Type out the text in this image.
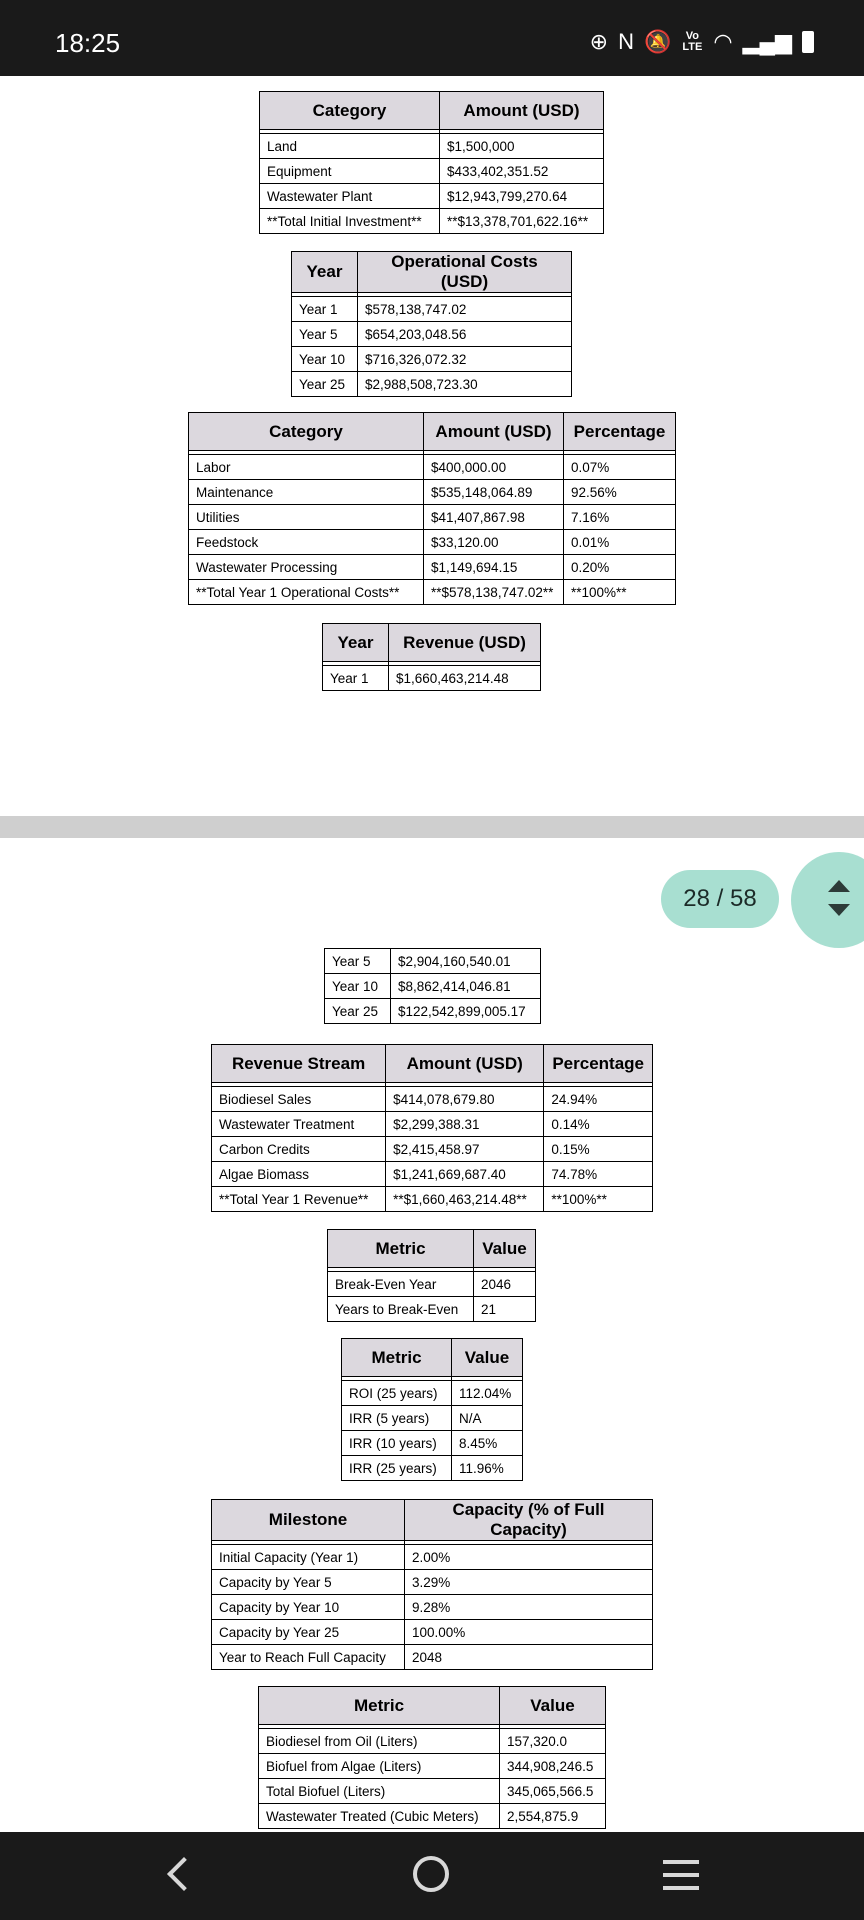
18:25	⊕ N 🔕	Vo LTE ◠ ▂▄▆
Category	Amount (USD)

Land	$1,500,000
Equipment	$433,402,351.52
Wastewater Plant	$12,943,799,270.64
**Total Initial Investment**	**$13,378,701,622.16**
Year	Operational Costs (USD)

Year 1	$578,138,747.02
Year 5	$654,203,048.56
Year 10	$716,326,072.32
Year 25	$2,988,508,723.30
Category	Amount (USD)	Percentage

Labor	$400,000.00	0.07%
Maintenance	$535,148,064.89	92.56%
Utilities	$41,407,867.98	7.16%
Feedstock	$33,120.00	0.01%
Wastewater Processing	$1,149,694.15	0.20%
**Total Year 1 Operational Costs**	**$578,138,747.02**	**100%**
Year	Revenue (USD)

Year 1	$1,660,463,214.48
Year 5	$2,904,160,540.01
Year 10	$8,862,414,046.81
Year 25	$122,542,899,005.17
Revenue Stream	Amount (USD)	Percentage

Biodiesel Sales	$414,078,679.80	24.94%
Wastewater Treatment	$2,299,388.31	0.14%
Carbon Credits	$2,415,458.97	0.15%
Algae Biomass	$1,241,669,687.40	74.78%
**Total Year 1 Revenue**	**$1,660,463,214.48**	**100%**
Metric	Value

Break-Even Year	2046
Years to Break-Even	21
Metric	Value

ROI (25 years)	112.04%
IRR (5 years)	N/A
IRR (10 years)	8.45%
IRR (25 years)	11.96%
Milestone	Capacity (% of Full Capacity)

Initial Capacity (Year 1)	2.00%
Capacity by Year 5	3.29%
Capacity by Year 10	9.28%
Capacity by Year 25	100.00%
Year to Reach Full Capacity	2048
Metric	Value

Biodiesel from Oil (Liters)	157,320.0
Biofuel from Algae (Liters)	344,908,246.5
Total Biofuel (Liters)	345,065,566.5
Wastewater Treated (Cubic Meters)	2,554,875.9
28 / 58
